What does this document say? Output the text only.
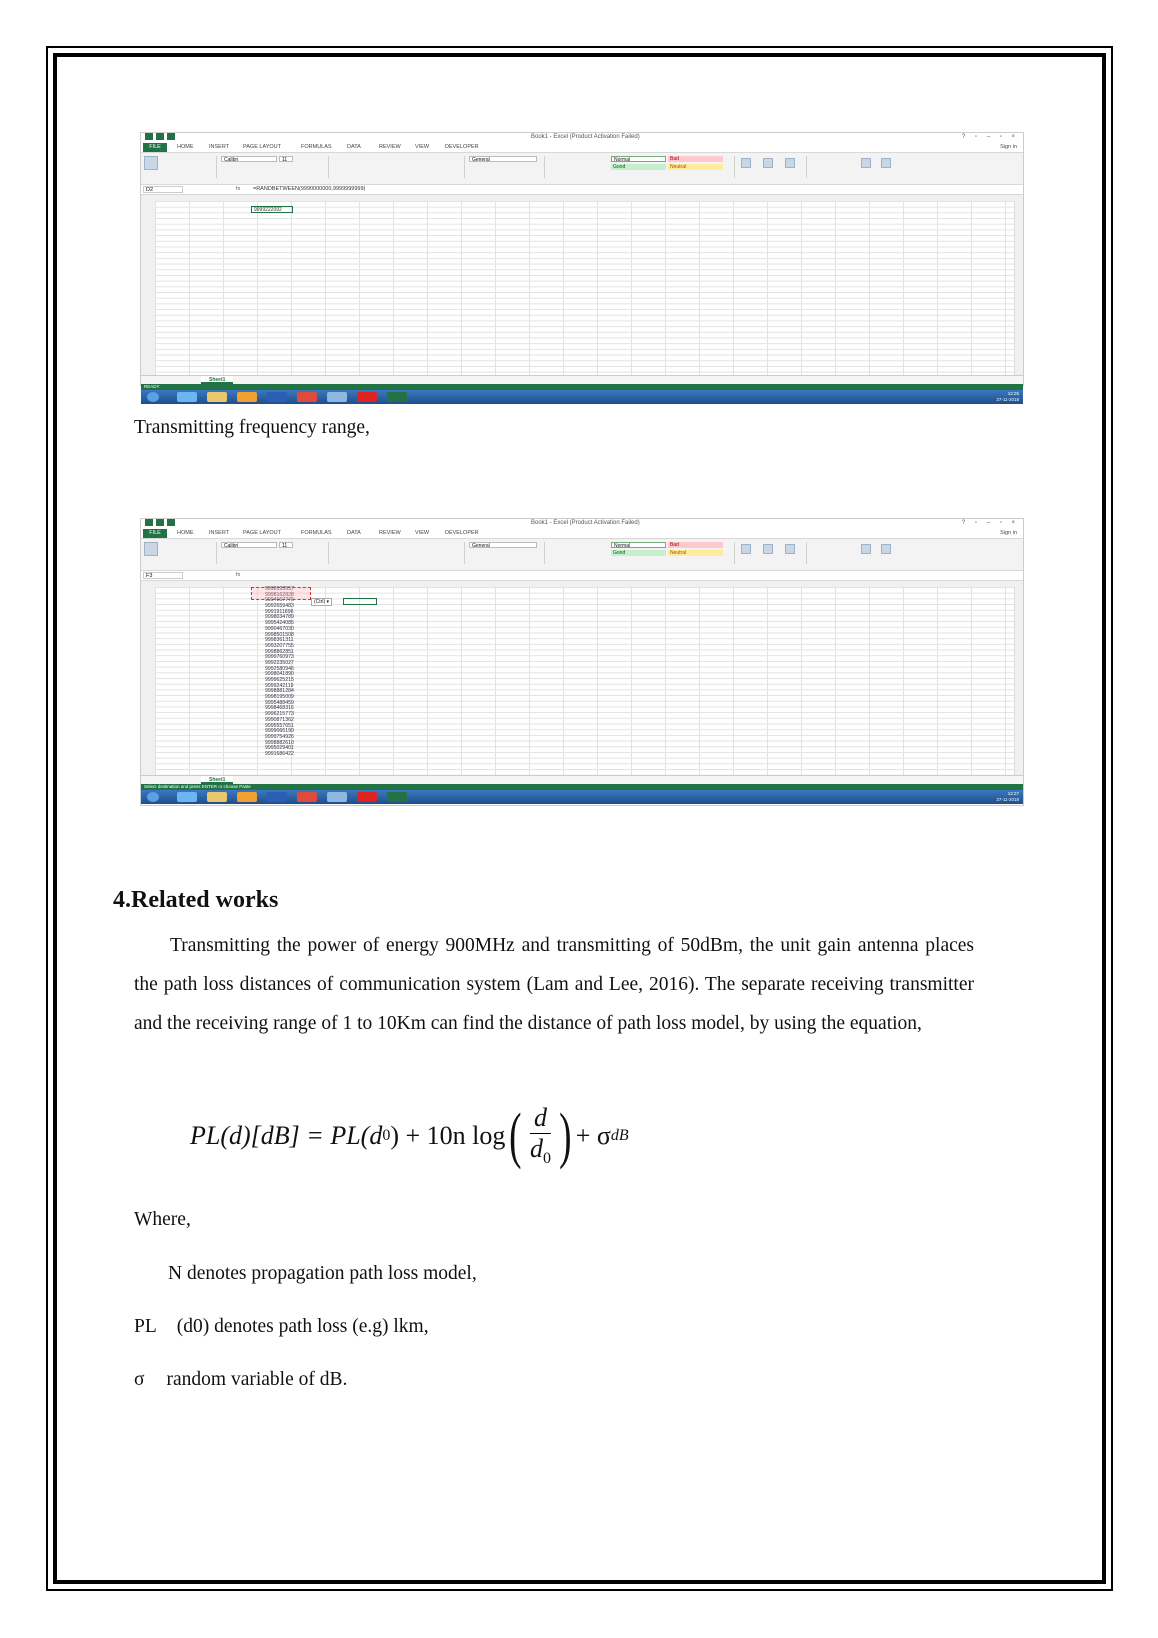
Book1 - Excel (Product Activation Failed)	? ▫ – ▫ ×
FILE	HOME	INSERT	PAGE LAYOUT	FORMULAS	DATA	REVIEW	VIEW	DEVELOPER	Sign in
Calibri	11	General	Normal	Bad
Good	Neutral
D2	fx =RANDBETWEEN(9990000000,9999999999)
9999222092
Sheet1
READY
12:25
27-11-2018
Transmitting frequency range,
Book1 - Excel (Product Activation Failed)	? ▫ – ▫ ×
FILE	HOME	INSERT	PAGE LAYOUT	FORMULAS	DATA	REVIEW	VIEW	DEVELOPER	Sign in
Calibri	11	General	Normal	Bad
Good	Neutral
F3	fx
9998193557
9998162828
9994667776
9992659483
9991911896
9998034789
9995424085
9990467030
9998501508
9998361311
9993207755
9998862851
9999760973
9992235027
9992580946
9998041890
9999625215
9999242119
9998881284
9998195009
9995488459
9998468316
9996215773
9990871362
9995557651
9999066190
9999754926
9998882610
9995029401
9991686422
(Ctrl) ▾
Sheet1
Select destination and press ENTER or choose Paste
12:27
27-11-2018
4.Related works
Transmitting the power of energy 900MHz and transmitting of 50dBm, the unit gain antenna places the path loss distances of communication system (Lam and Lee, 2016). The separate receiving transmitter and the receiving range of 1 to 10Km can find the distance of path loss model, by using the equation,
PL(d)[dB] = PL(d 0 ) + 10n log ( $\frac{d}{d_0}$ ) + σ dB
Where,
N denotes propagation path loss model,
PL (d0) denotes path loss (e.g) lkm,
σ random variable of dB.
